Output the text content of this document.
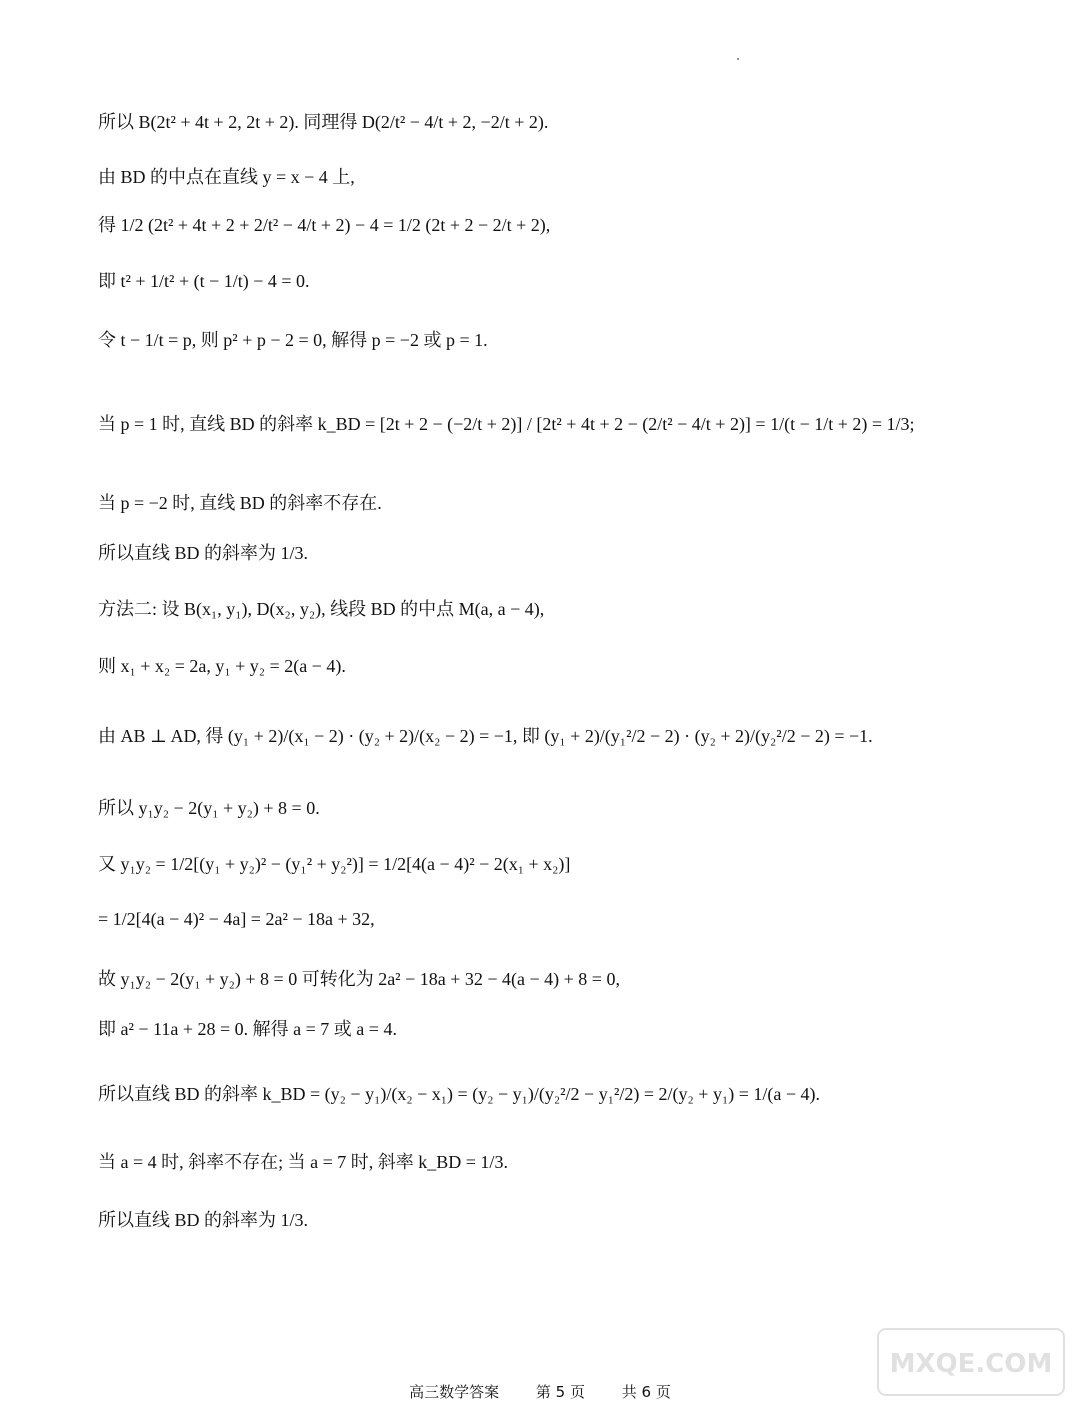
所以 B(2t² + 4t + 2, 2t + 2). 同理得 D(2/t² − 4/t + 2, −2/t + 2).
由 BD 的中点在直线 y = x − 4 上,
得 1/2 (2t² + 4t + 2 + 2/t² − 4/t + 2) − 4 = 1/2 (2t + 2 − 2/t + 2),
即 t² + 1/t² + (t − 1/t) − 4 = 0.
令 t − 1/t = p, 则 p² + p − 2 = 0, 解得 p = −2 或 p = 1.
当 p = 1 时, 直线 BD 的斜率 k_BD = [2t + 2 − (−2/t + 2)] / [2t² + 4t + 2 − (2/t² − 4/t + 2)] = 1/(t − 1/t + 2) = 1/3;
当 p = −2 时, 直线 BD 的斜率不存在.
所以直线 BD 的斜率为 1/3.
方法二: 设 B(x₁, y₁), D(x₂, y₂), 线段 BD 的中点 M(a, a − 4),
则 x₁ + x₂ = 2a, y₁ + y₂ = 2(a − 4).
由 AB ⊥ AD, 得 (y₁ + 2)/(x₁ − 2) · (y₂ + 2)/(x₂ − 2) = −1, 即 (y₁ + 2)/(y₁²/2 − 2) · (y₂ + 2)/(y₂²/2 − 2) = −1.
所以 y₁y₂ − 2(y₁ + y₂) + 8 = 0.
又 y₁y₂ = 1/2[(y₁ + y₂)² − (y₁² + y₂²)] = 1/2[4(a − 4)² − 2(x₁ + x₂)]
= 1/2[4(a − 4)² − 4a] = 2a² − 18a + 32,
故 y₁y₂ − 2(y₁ + y₂) + 8 = 0 可转化为 2a² − 18a + 32 − 4(a − 4) + 8 = 0,
即 a² − 11a + 28 = 0. 解得 a = 7 或 a = 4.
所以直线 BD 的斜率 k_BD = (y₂ − y₁)/(x₂ − x₁) = (y₂ − y₁)/(y₂²/2 − y₁²/2) = 2/(y₂ + y₁) = 1/(a − 4).
当 a = 4 时, 斜率不存在; 当 a = 7 时, 斜率 k_BD = 1/3.
所以直线 BD 的斜率为 1/3.
高三数学答案 第 5 页 共 6 页
MXQE.COM
